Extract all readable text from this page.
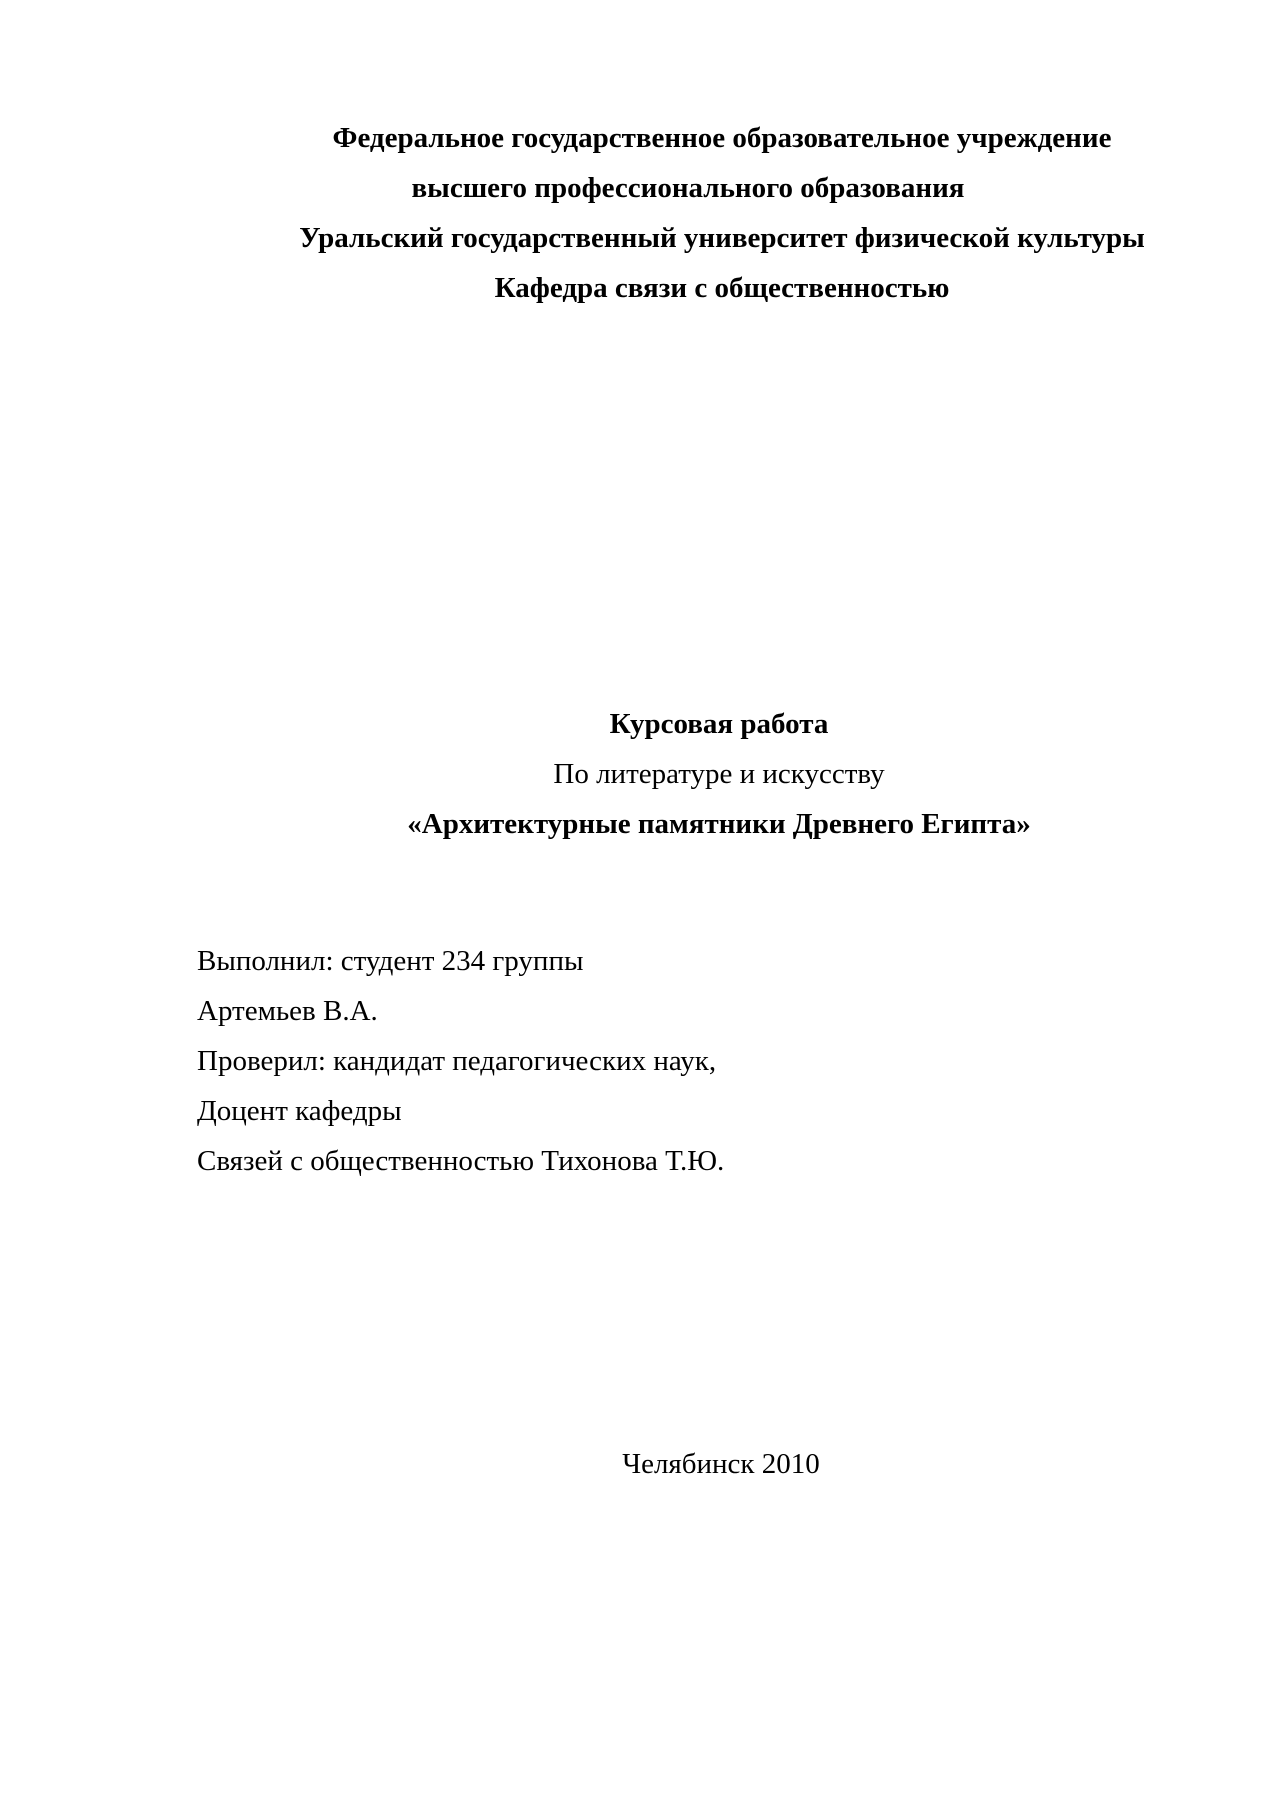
Федеральное государственное образовательное учреждение

высшего профессионального образования

Уральский государственный университет физической культуры

Кафедра связи с общественностью

Курсовая работа

По литературе и искусству

«Архитектурные памятники Древнего Египта»

Выполнил: студент 234 группы

Артемьев В.А.

Проверил: кандидат педагогических наук,

Доцент кафедры

Связей с общественностью Тихонова Т.Ю.

Челябинск 2010
